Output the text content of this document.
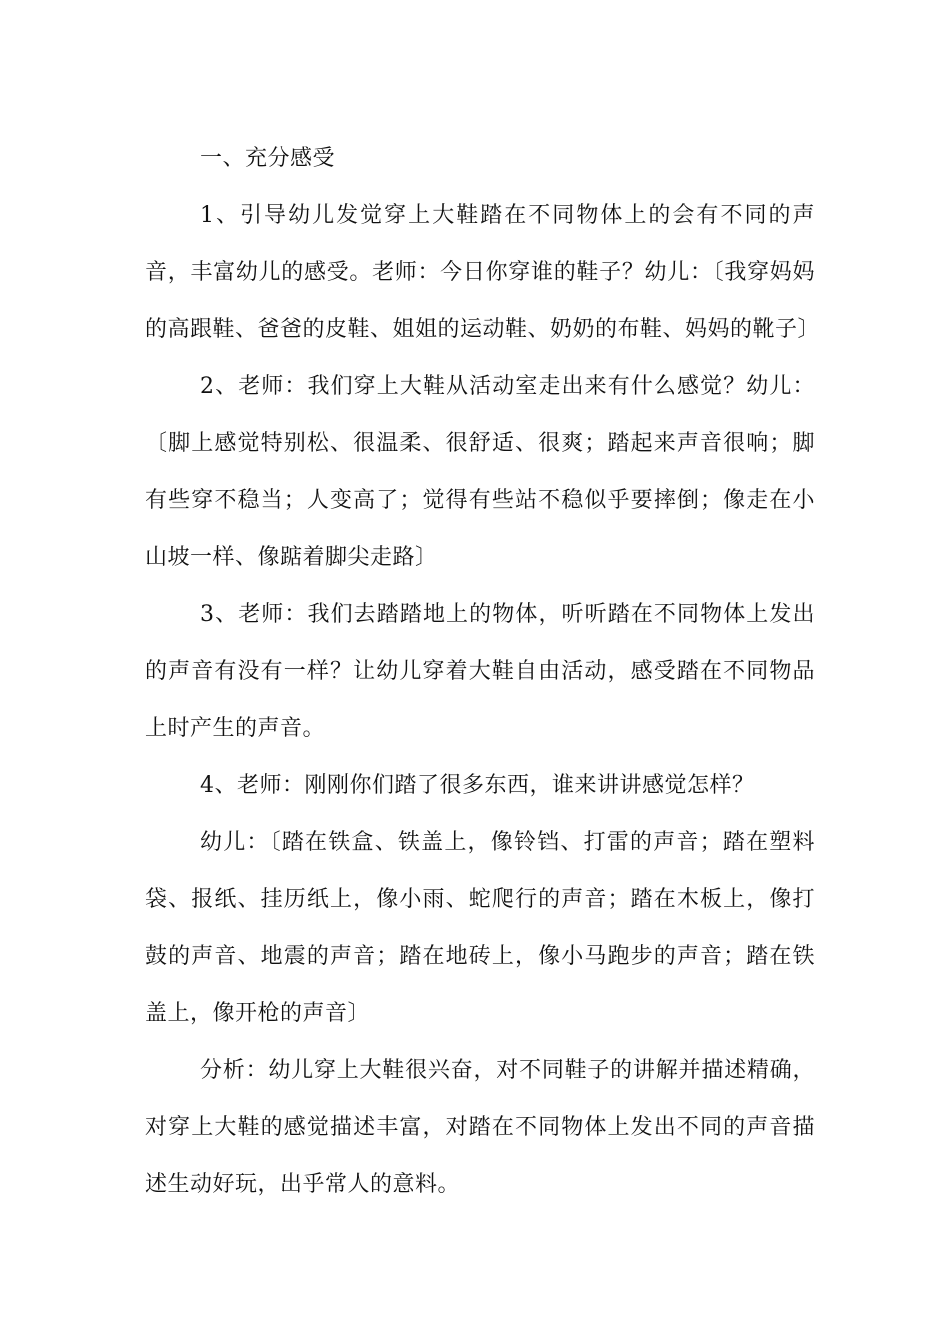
一、充分感受

1、引导幼儿发觉穿上大鞋踏在不同物体上的会有不同的声音，丰富幼儿的感受。老师：今日你穿谁的鞋子？幼儿：〔我穿妈妈的高跟鞋、爸爸的皮鞋、姐姐的运动鞋、奶奶的布鞋、妈妈的靴子〕

2、老师：我们穿上大鞋从活动室走出来有什么感觉？幼儿：〔脚上感觉特别松、很温柔、很舒适、很爽；踏起来声音很响；脚有些穿不稳当；人变高了；觉得有些站不稳似乎要摔倒；像走在小山坡一样、像踮着脚尖走路〕

3、老师：我们去踏踏地上的物体，听听踏在不同物体上发出的声音有没有一样？让幼儿穿着大鞋自由活动，感受踏在不同物品上时产生的声音。

4、老师：刚刚你们踏了很多东西，谁来讲讲感觉怎样？

幼儿：〔踏在铁盒、铁盖上，像铃铛、打雷的声音；踏在塑料袋、报纸、挂历纸上，像小雨、蛇爬行的声音；踏在木板上，像打鼓的声音、地震的声音；踏在地砖上，像小马跑步的声音；踏在铁盖上，像开枪的声音〕

分析：幼儿穿上大鞋很兴奋，对不同鞋子的讲解并描述精确，对穿上大鞋的感觉描述丰富，对踏在不同物体上发出不同的声音描述生动好玩，出乎常人的意料。
